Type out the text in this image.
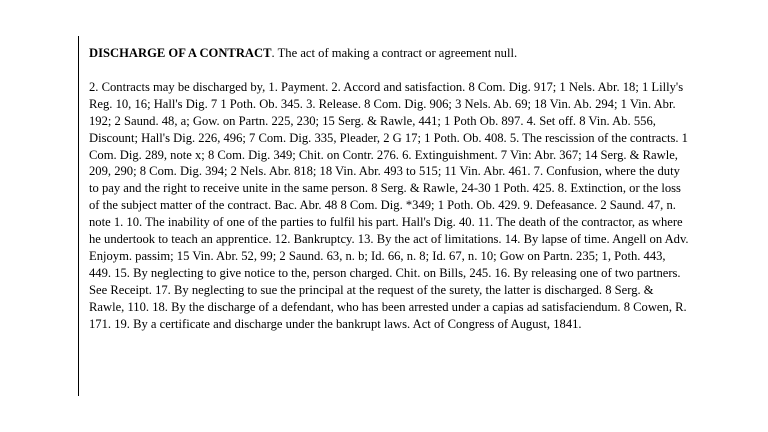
DISCHARGE OF A CONTRACT. The act of making a contract or agreement null.

2. Contracts may be discharged by, 1. Payment. 2. Accord and satisfaction. 8 Com. Dig. 917; 1 Nels. Abr. 18; 1 Lilly's Reg. 10, 16; Hall's Dig. 7 1 Poth. Ob. 345. 3. Release. 8 Com. Dig. 906; 3 Nels. Ab. 69; 18 Vin. Ab. 294; 1 Vin. Abr. 192; 2 Saund. 48, a; Gow. on Partn. 225, 230; 15 Serg. & Rawle, 441; 1 Poth Ob. 897. 4. Set off. 8 Vin. Ab. 556, Discount; Hall's Dig. 226, 496; 7 Com. Dig. 335, Pleader, 2 G 17; 1 Poth. Ob. 408. 5. The rescission of the contracts. 1 Com. Dig. 289, note x; 8 Com. Dig. 349; Chit. on Contr. 276. 6. Extinguishment. 7 Vin: Abr. 367; 14 Serg. & Rawle, 209, 290; 8 Com. Dig. 394; 2 Nels. Abr. 818; 18 Vin. Abr. 493 to 515; 11 Vin. Abr. 461. 7. Confusion, where the duty to pay and the right to receive unite in the same person. 8 Serg. & Rawle, 24-30 1 Poth. 425. 8. Extinction, or the loss of the subject matter of the contract. Bac. Abr. 48 8 Com. Dig. *349; 1 Poth. Ob. 429. 9. Defeasance. 2 Saund. 47, n. note 1. 10. The inability of one of the parties to fulfil his part. Hall's Dig. 40. 11. The death of the contractor, as where he undertook to teach an apprentice. 12. Bankruptcy. 13. By the act of limitations. 14. By lapse of time. Angell on Adv. Enjoym. passim; 15 Vin. Abr. 52, 99; 2 Saund. 63, n. b; Id. 66, n. 8; Id. 67, n. 10; Gow on Partn. 235; 1, Poth. 443, 449. 15. By neglecting to give notice to the, person charged. Chit. on Bills, 245. 16. By releasing one of two partners. See Receipt. 17. By neglecting to sue the principal at the request of the surety, the latter is discharged. 8 Serg. & Rawle, 110. 18. By the discharge of a defendant, who has been arrested under a capias ad satisfaciendum. 8 Cowen, R. 171. 19. By a certificate and discharge under the bankrupt laws. Act of Congress of August, 1841.
